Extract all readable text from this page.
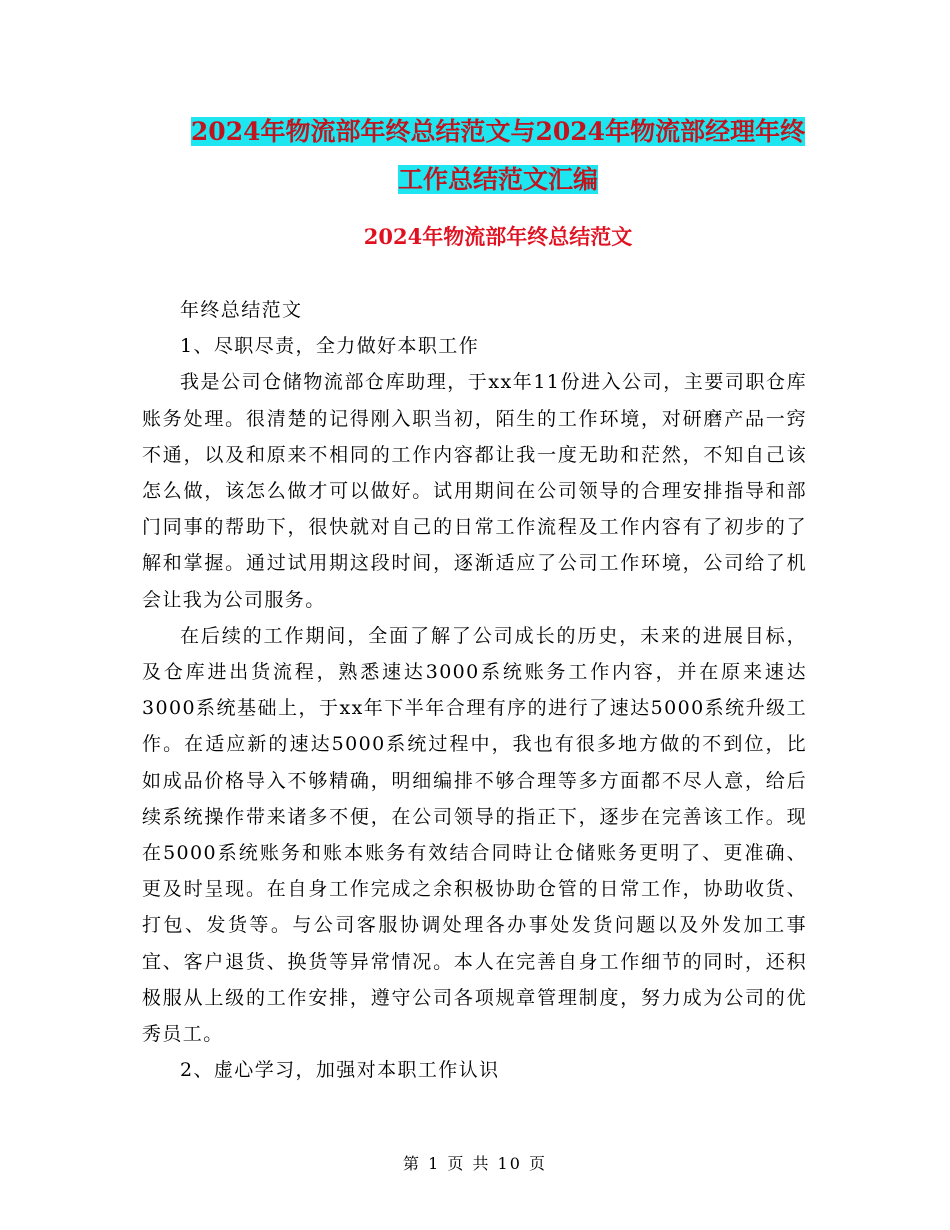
2024年物流部年终总结范文与2024年物流部经理年终
工作总结范文汇编
2024年物流部年终总结范文

年终总结范文

1、尽职尽责，全力做好本职工作

我是公司仓储物流部仓库助理，于xx年11份进入公司，主要司职仓库账务处理。很清楚的记得刚入职当初，陌生的工作环境，对研磨产品一窍不通，以及和原来不相同的工作内容都让我一度无助和茫然，不知自己该怎么做，该怎么做才可以做好。试用期间在公司领导的合理安排指导和部门同事的帮助下，很快就对自己的日常工作流程及工作内容有了初步的了解和掌握。通过试用期这段时间，逐渐适应了公司工作环境，公司给了机会让我为公司服务。

在后续的工作期间，全面了解了公司成长的历史，未来的进展目标，及仓库进出货流程，熟悉速达3000系统账务工作内容，并在原来速达3000系统基础上，于xx年下半年合理有序的进行了速达5000系统升级工作。在适应新的速达5000系统过程中，我也有很多地方做的不到位，比如成品价格导入不够精确，明细编排不够合理等多方面都不尽人意，给后续系统操作带来诸多不便，在公司领导的指正下，逐步在完善该工作。现在5000系统账务和账本账务有效结合同時让仓储账务更明了、更准确、更及时呈现。在自身工作完成之余积极协助仓管的日常工作，协助收货、打包、发货等。与公司客服协调处理各办事处发货问题以及外发加工事宜、客户退货、换货等异常情况。本人在完善自身工作细节的同时，还积极服从上级的工作安排，遵守公司各项规章管理制度，努力成为公司的优秀员工。

2、虚心学习，加强对本职工作认识

第 1 页 共 10 页
